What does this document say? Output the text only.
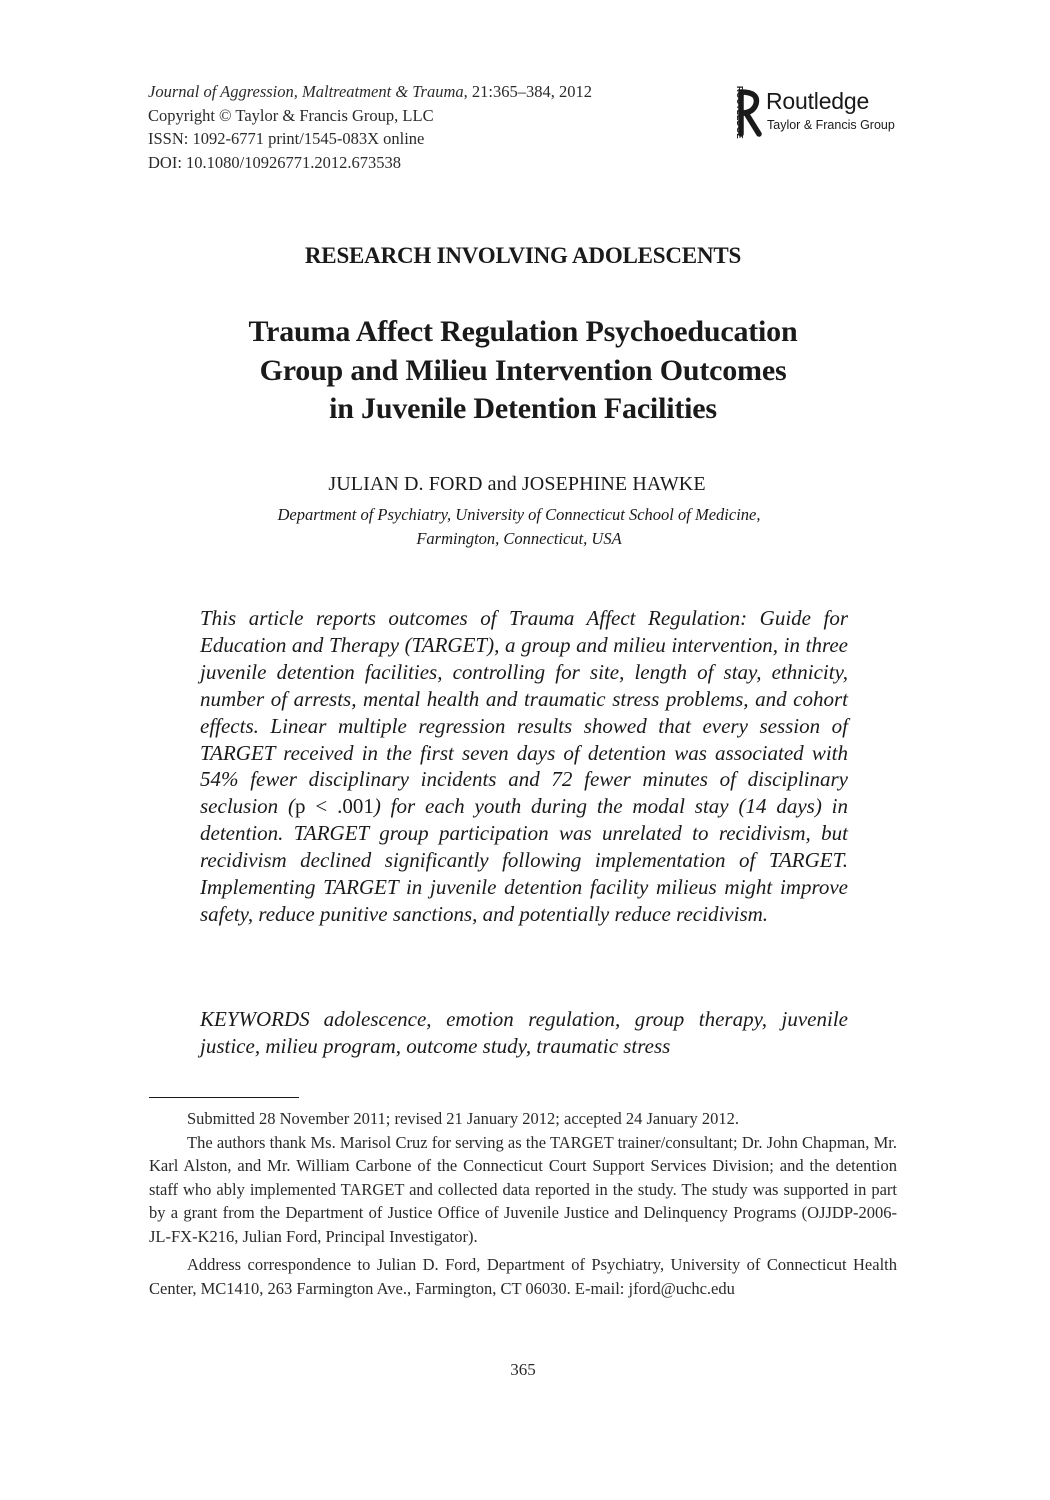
Journal of Aggression, Maltreatment & Trauma, 21:365–384, 2012
Copyright © Taylor & Francis Group, LLC
ISSN: 1092-6771 print/1545-083X online
DOI: 10.1080/10926771.2012.673538
ROUTLEDGE Routledge
Taylor & Francis Group
RESEARCH INVOLVING ADOLESCENTS
Trauma Affect Regulation Psychoeducation
Group and Milieu Intervention Outcomes
in Juvenile Detention Facilities
JULIAN D. FORD and JOSEPHINE HAWKE
Department of Psychiatry, University of Connecticut School of Medicine,
Farmington, Connecticut, USA
This article reports outcomes of Trauma Affect Regulation: Guide for Education and Therapy (TARGET), a group and milieu intervention, in three juvenile detention facilities, controlling for site, length of stay, ethnicity, number of arrests, mental health and traumatic stress problems, and cohort effects. Linear multiple regression results showed that every session of TARGET received in the first seven days of detention was associated with 54% fewer disciplinary incidents and 72 fewer minutes of disciplinary seclusion (p < .001) for each youth during the modal stay (14 days) in detention. TARGET group participation was unrelated to recidivism, but recidivism declined significantly following implementation of TARGET. Implementing TARGET in juvenile detention facility milieus might improve safety, reduce punitive sanctions, and potentially reduce recidivism.
KEYWORDS adolescence, emotion regulation, group therapy, juvenile justice, milieu program, outcome study, traumatic stress

Submitted 28 November 2011; revised 21 January 2012; accepted 24 January 2012.

The authors thank Ms. Marisol Cruz for serving as the TARGET trainer/consultant; Dr. John Chapman, Mr. Karl Alston, and Mr. William Carbone of the Connecticut Court Support Services Division; and the detention staff who ably implemented TARGET and collected data reported in the study. The study was supported in part by a grant from the Department of Justice Office of Juvenile Justice and Delinquency Programs (OJJDP-2006-JL-FX-K216, Julian Ford, Principal Investigator).

Address correspondence to Julian D. Ford, Department of Psychiatry, University of Connecticut Health Center, MC1410, 263 Farmington Ave., Farmington, CT 06030. E-mail: jford@uchc.edu

365
